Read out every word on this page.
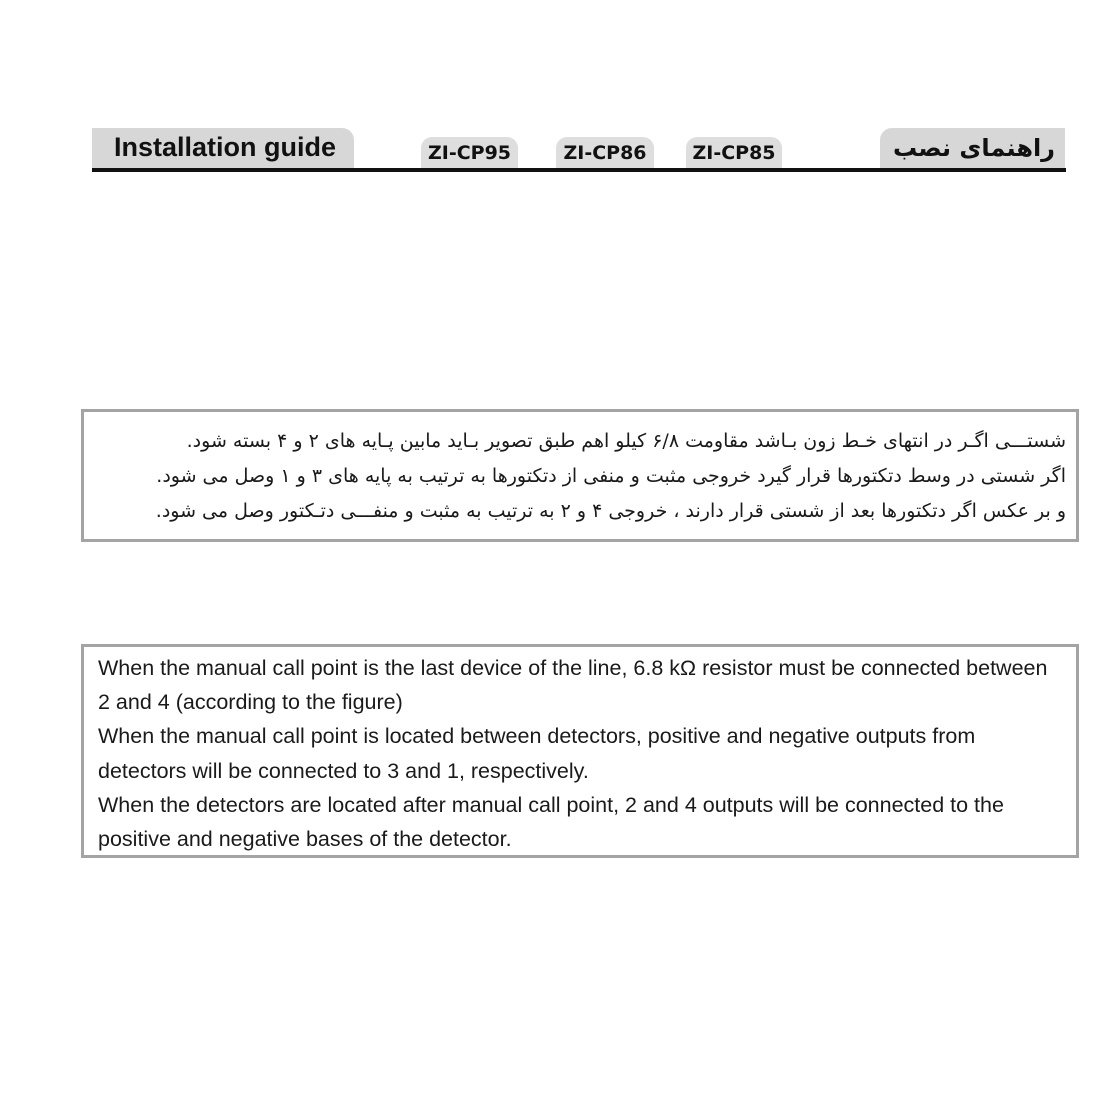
Installation guide	ZI-CP95	ZI-CP86	ZI-CP85	راهنمای نصب
شستـــی اگـر در انتهای خـط زون بـاشد مقاومت ۶/۸ کیلو اهم طبق تصویر بـاید مابین پـایه های ۲ و ۴ بسته شود.
اگر شستی در وسط دتکتورها قرار گیرد خروجی مثبت و منفی از دتکتورها به ترتیب به پایه های ۳ و ۱ وصل می شود.
و بر عکس اگر دتکتورها بعد از شستی قرار دارند ، خروجی ۴ و ۲ به ترتیب به مثبت و منفـــی دتـکتور وصل می شود.
When the manual call point is the last device of the line, 6.8 kΩ resistor must be connected between
2 and 4 (according to the figure)
When the manual call point is located between detectors, positive and negative outputs from
detectors will be connected to 3 and 1, respectively.
When the detectors are located after manual call point, 2 and 4 outputs will be connected to the
positive and negative bases of the detector.
